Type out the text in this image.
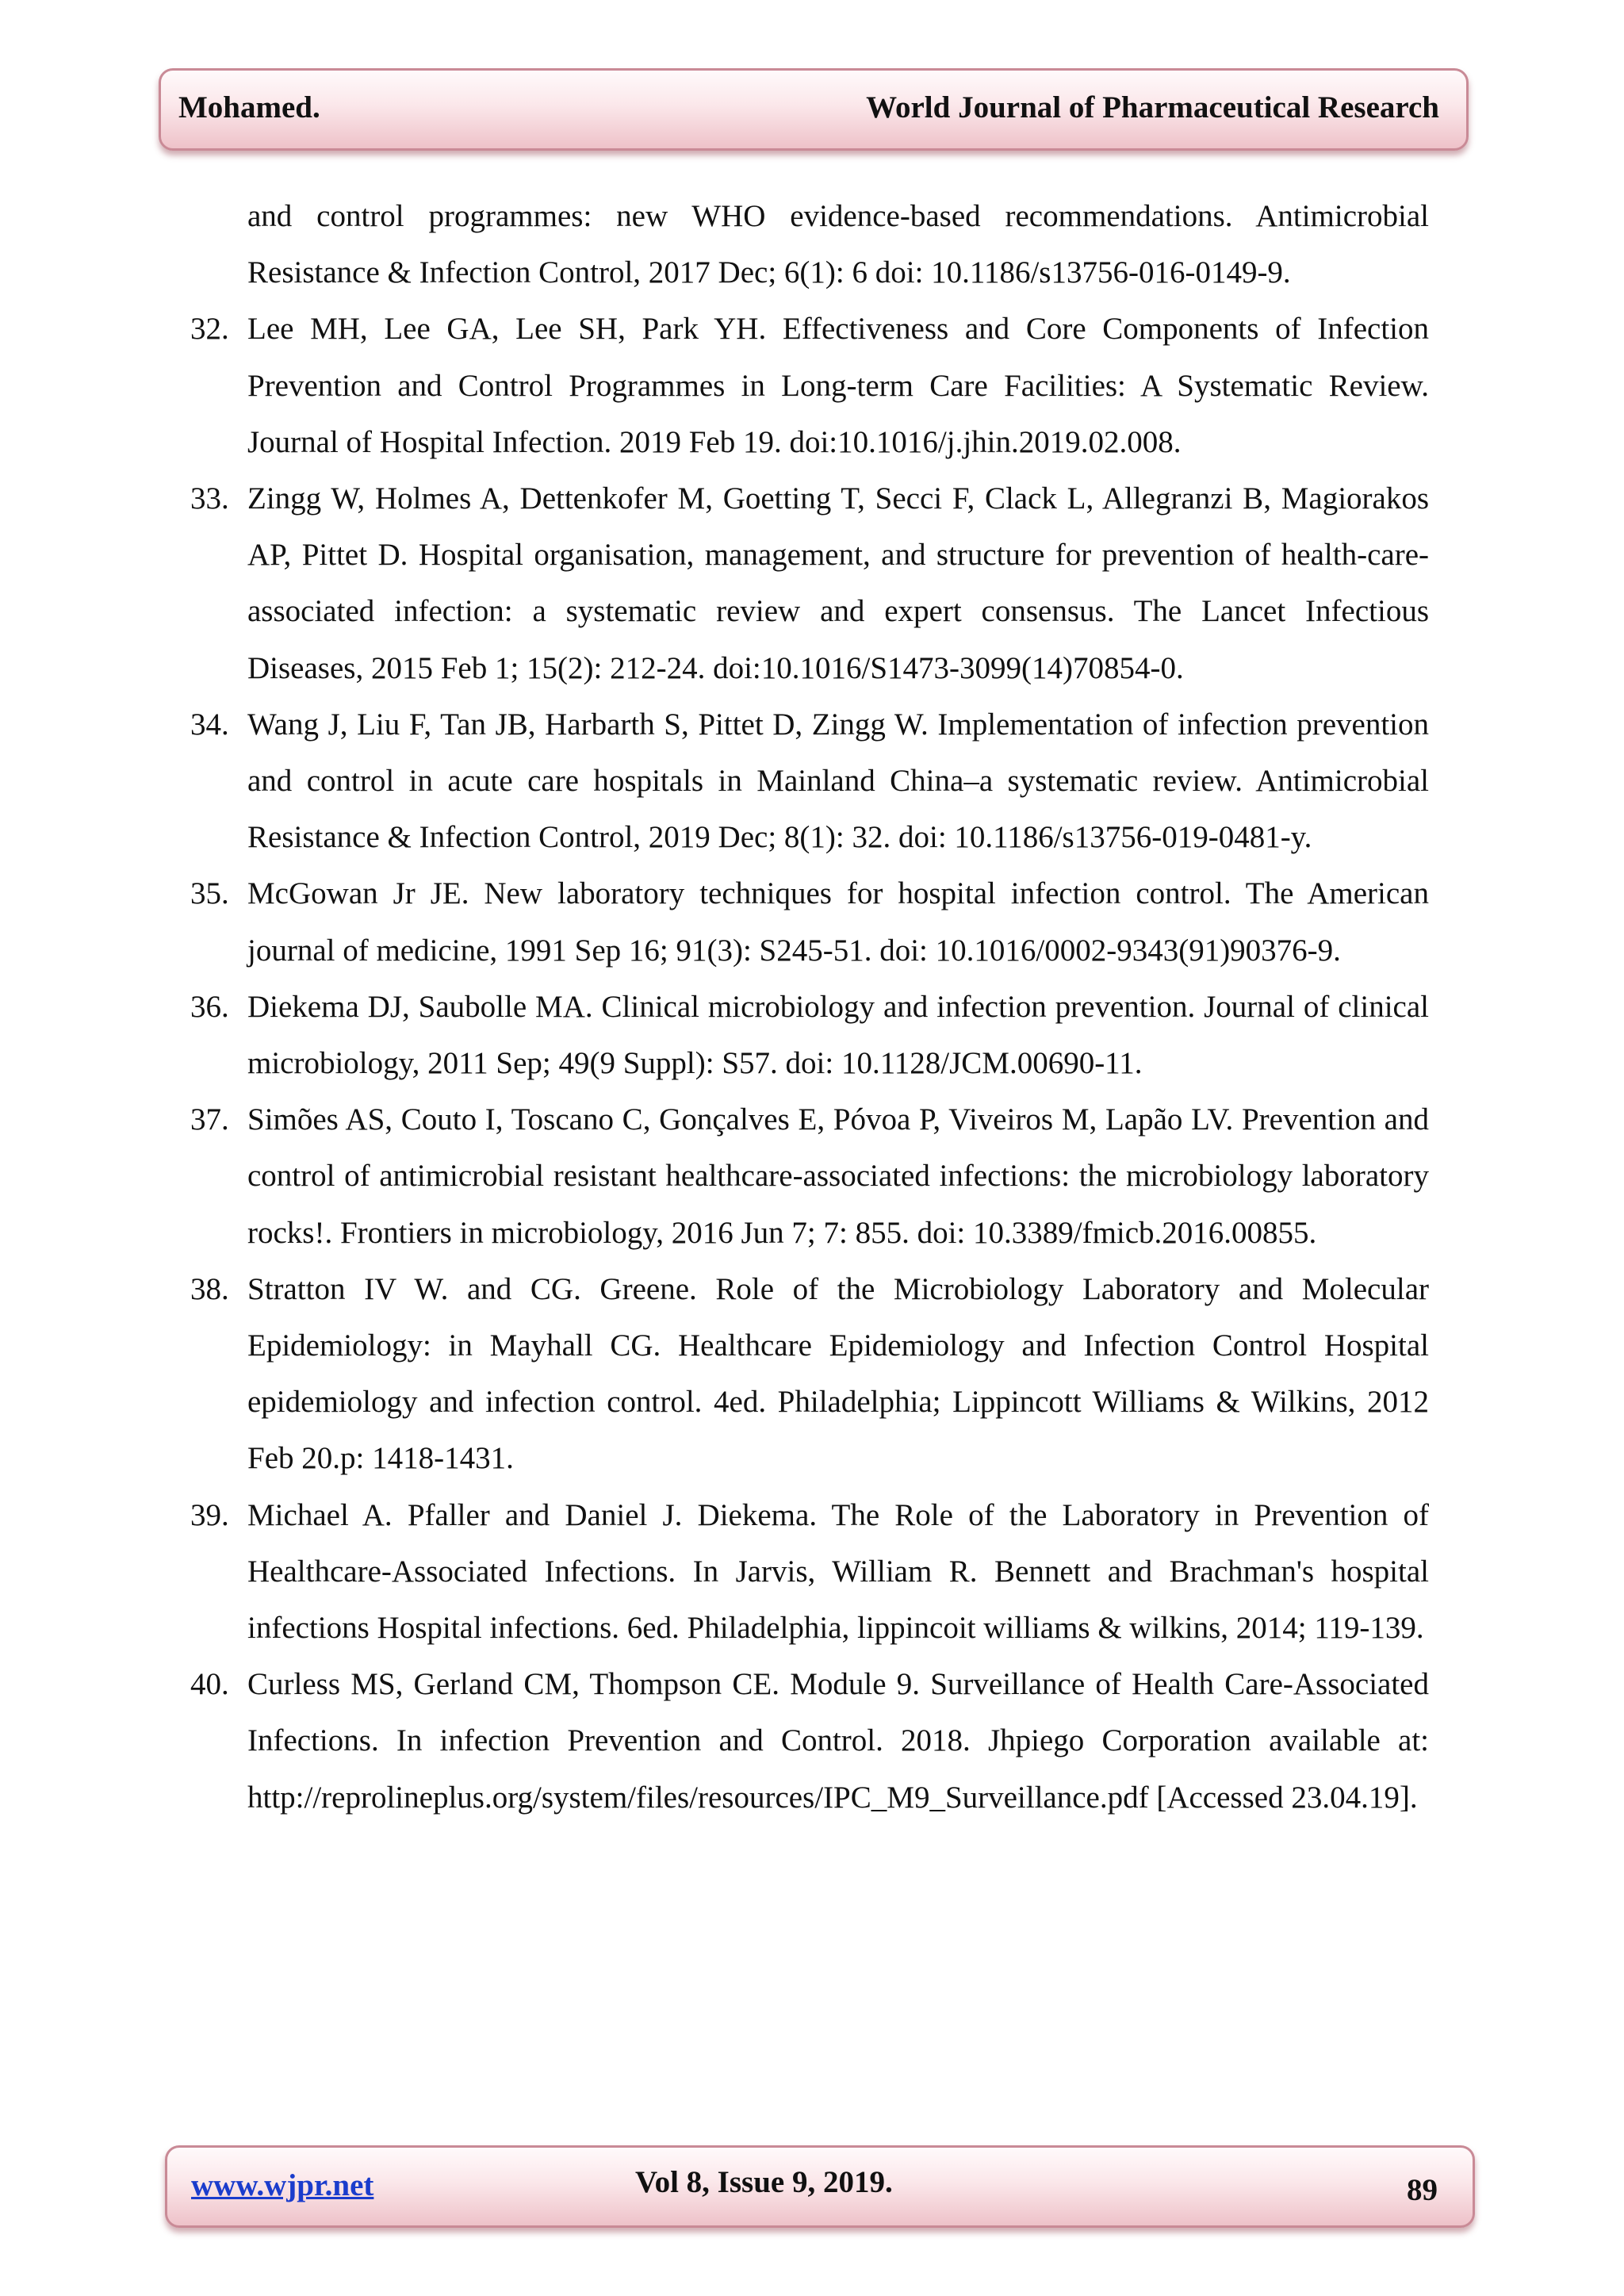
Mohamed.	World Journal of Pharmaceutical Research
and control programmes: new WHO evidence-based recommendations. Antimicrobial Resistance & Infection Control, 2017 Dec; 6(1): 6 doi: 10.1186/s13756-016-0149-9.
32. Lee MH, Lee GA, Lee SH, Park YH. Effectiveness and Core Components of Infection Prevention and Control Programmes in Long-term Care Facilities: A Systematic Review. Journal of Hospital Infection. 2019 Feb 19. doi:10.1016/j.jhin.2019.02.008.
33. Zingg W, Holmes A, Dettenkofer M, Goetting T, Secci F, Clack L, Allegranzi B, Magiorakos AP, Pittet D. Hospital organisation, management, and structure for prevention of health-care-associated infection: a systematic review and expert consensus. The Lancet Infectious Diseases, 2015 Feb 1; 15(2): 212-24. doi:10.1016/S1473-3099(14)70854-0.
34. Wang J, Liu F, Tan JB, Harbarth S, Pittet D, Zingg W. Implementation of infection prevention and control in acute care hospitals in Mainland China–a systematic review. Antimicrobial Resistance & Infection Control, 2019 Dec; 8(1): 32. doi: 10.1186/s13756-019-0481-y.
35. McGowan Jr JE. New laboratory techniques for hospital infection control. The American journal of medicine, 1991 Sep 16; 91(3): S245-51. doi: 10.1016/0002-9343(91)90376-9.
36. Diekema DJ, Saubolle MA. Clinical microbiology and infection prevention. Journal of clinical microbiology, 2011 Sep; 49(9 Suppl): S57. doi: 10.1128/JCM.00690-11.
37. Simões AS, Couto I, Toscano C, Gonçalves E, Póvoa P, Viveiros M, Lapão LV. Prevention and control of antimicrobial resistant healthcare-associated infections: the microbiology laboratory rocks!. Frontiers in microbiology, 2016 Jun 7; 7: 855. doi: 10.3389/fmicb.2016.00855.
38. Stratton IV W. and CG. Greene. Role of the Microbiology Laboratory and Molecular Epidemiology: in Mayhall CG. Healthcare Epidemiology and Infection Control Hospital epidemiology and infection control. 4ed. Philadelphia; Lippincott Williams & Wilkins, 2012 Feb 20.p: 1418-1431.
39. Michael A. Pfaller and Daniel J. Diekema. The Role of the Laboratory in Prevention of Healthcare-Associated Infections. In Jarvis, William R. Bennett and Brachman's hospital infections Hospital infections. 6ed. Philadelphia, lippincoit williams & wilkins, 2014; 119-139.
40. Curless MS, Gerland CM, Thompson CE. Module 9. Surveillance of Health Care-Associated Infections. In infection Prevention and Control. 2018. Jhpiego Corporation available at: http://reprolineplus.org/system/files/resources/IPC_M9_Surveillance.pdf [Accessed 23.04.19].
www.wjpr.net	Vol 8, Issue 9, 2019.	89
